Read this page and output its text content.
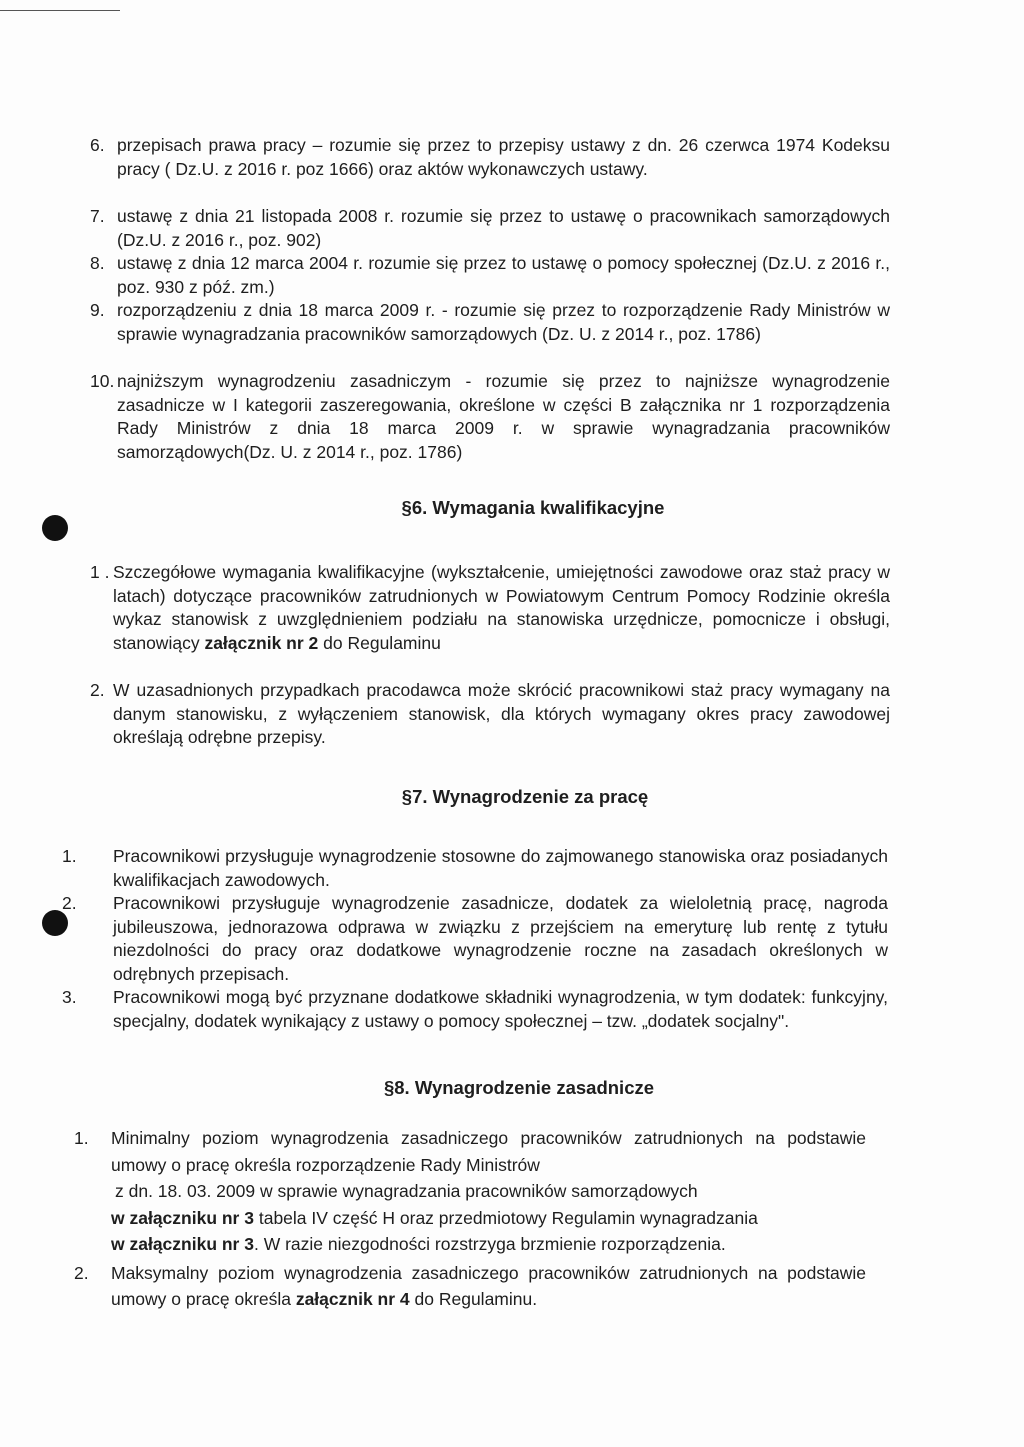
6. przepisach prawa pracy – rozumie się przez to przepisy ustawy z dn. 26 czerwca 1974 Kodeksu pracy ( Dz.U. z 2016 r. poz 1666) oraz aktów wykonawczych ustawy.
7. ustawę z dnia 21 listopada 2008 r. rozumie się przez to ustawę o pracownikach samorządowych (Dz.U. z 2016 r., poz. 902)
8. ustawę z dnia 12 marca 2004 r. rozumie się przez to ustawę o pomocy społecznej (Dz.U. z 2016 r., poz. 930 z póź. zm.)
9. rozporządzeniu z dnia 18 marca 2009 r. - rozumie się przez to rozporządzenie Rady Ministrów w sprawie wynagradzania pracowników samorządowych (Dz. U. z 2014 r., poz. 1786)
10. najniższym wynagrodzeniu zasadniczym - rozumie się przez to najniższe wynagrodzenie zasadnicze w I kategorii zaszeregowania, określone w części B załącznika nr 1 rozporządzenia Rady Ministrów z dnia 18 marca 2009 r. w sprawie wynagradzania pracowników samorządowych(Dz. U. z 2014 r., poz. 1786)
§6. Wymagania kwalifikacyjne
1 . Szczegółowe wymagania kwalifikacyjne (wykształcenie, umiejętności zawodowe oraz staż pracy w latach) dotyczące pracowników zatrudnionych w Powiatowym Centrum Pomocy Rodzinie określa wykaz stanowisk z uwzględnieniem podziału na stanowiska urzędnicze, pomocnicze i obsługi, stanowiący załącznik nr 2 do Regulaminu
2. W uzasadnionych przypadkach pracodawca może skrócić pracownikowi staż pracy wymagany na danym stanowisku, z wyłączeniem stanowisk, dla których wymagany okres pracy zawodowej określają odrębne przepisy.
§7. Wynagrodzenie za pracę
1. Pracownikowi przysługuje wynagrodzenie stosowne do zajmowanego stanowiska oraz posiadanych kwalifikacjach zawodowych.
2. Pracownikowi przysługuje wynagrodzenie zasadnicze, dodatek za wieloletnią pracę, nagroda jubileuszowa, jednorazowa odprawa w związku z przejściem na emeryturę lub rentę z tytułu niezdolności do pracy oraz dodatkowe wynagrodzenie roczne na zasadach określonych w odrębnych przepisach.
3. Pracownikowi mogą być przyznane dodatkowe składniki wynagrodzenia, w tym dodatek: funkcyjny, specjalny, dodatek wynikający z ustawy o pomocy społecznej – tzw. „dodatek socjalny".
§8. Wynagrodzenie zasadnicze
1. Minimalny poziom wynagrodzenia zasadniczego pracowników zatrudnionych na podstawie umowy o pracę określa rozporządzenie Rady Ministrów
z dn. 18. 03. 2009 w sprawie wynagradzania pracowników samorządowych
w załączniku nr 3 tabela IV część H oraz przedmiotowy Regulamin wynagradzania
w załączniku nr 3. W razie niezgodności rozstrzyga brzmienie rozporządzenia.
2. Maksymalny poziom wynagrodzenia zasadniczego pracowników zatrudnionych na podstawie umowy o pracę określa załącznik nr 4 do Regulaminu.
